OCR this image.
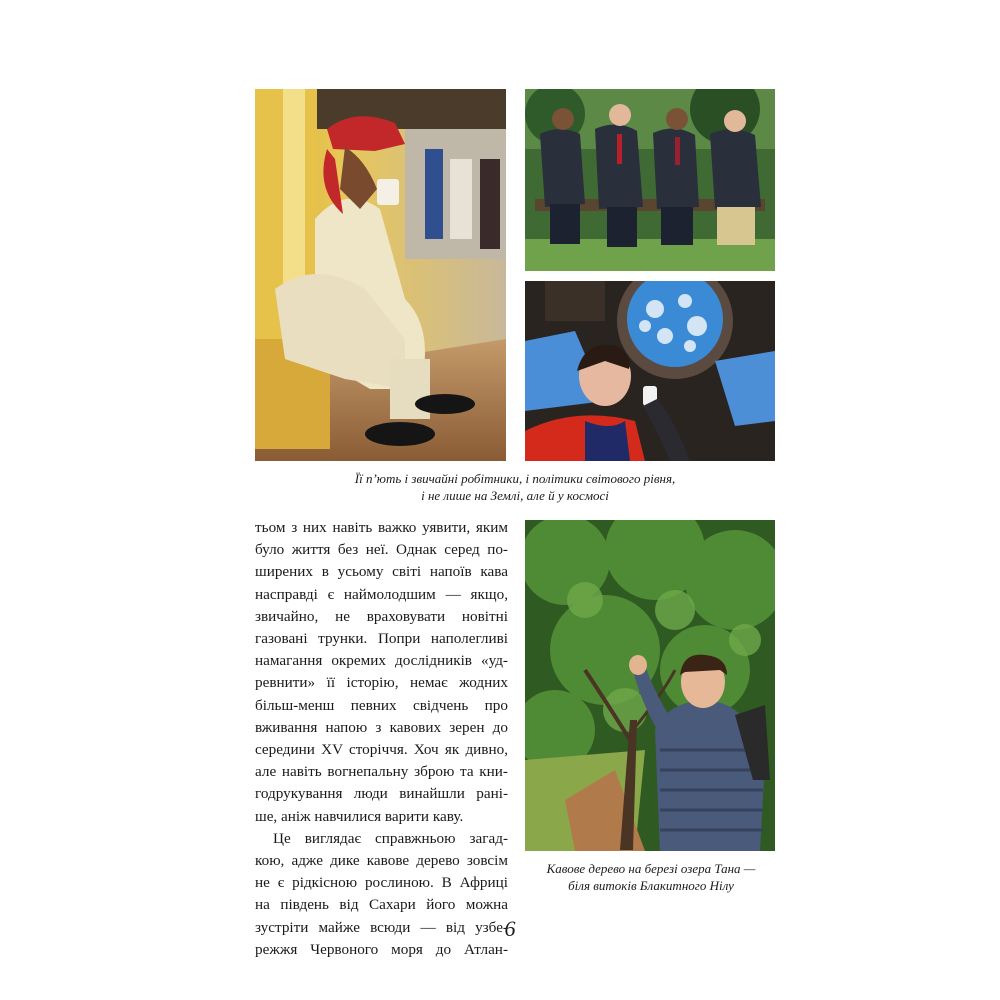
Її п’ють і звичайні робітники, і політики світового рівня,
і не лише на Землі, але й у космосі

тьом з них навіть важко уявити, яким
було життя без неї. Однак серед по-
ширених в усьому світі напоїв кава
насправді є наймолодшим — якщо,
звичайно, не враховувати новітні
газовані трунки. Попри наполегливі
намагання окремих дослідників «уд-
ревнити» її історію, немає жодних
більш-менш певних свідчень про
вживання напою з кавових зерен до
середини XV сторіччя. Хоч як дивно,
але навіть вогнепальну зброю та кни-
годрукування люди винайшли рані-
ше, аніж навчилися варити каву.
Це виглядає справжньою загад-
кою, адже дике кавове дерево зовсім
не є рідкісною рослиною. В Африці
на південь від Сахари його можна
зустріти майже всюди — від узбе-
режжя Червоного моря до Атлан-

Кавове дерево на березі озера Тана —
біля витоків Блакитного Нілу

6
